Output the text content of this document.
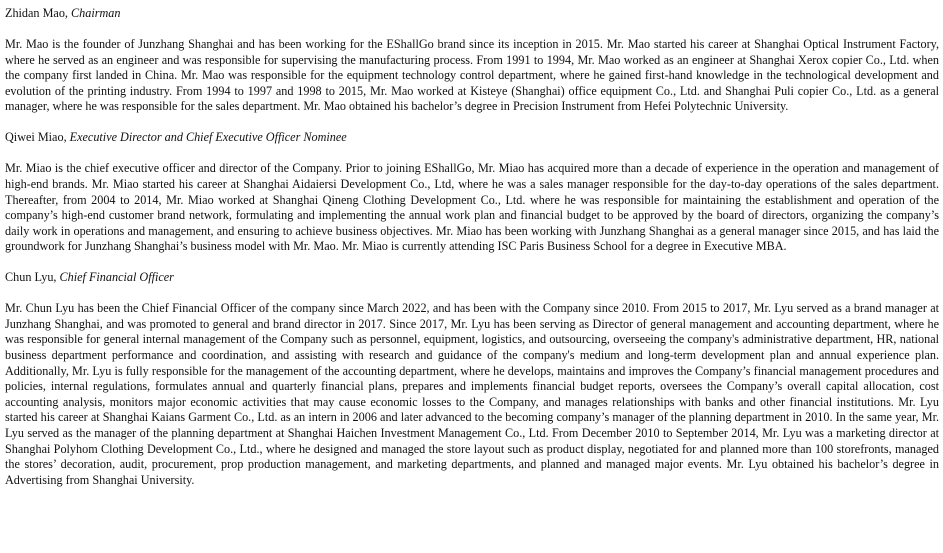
Zhidan Mao, Chairman

Mr. Mao is the founder of Junzhang Shanghai and has been working for the EShallGo brand since its inception in 2015. Mr. Mao started his career at Shanghai Optical Instrument Factory, where he served as an engineer and was responsible for supervising the manufacturing process. From 1991 to 1994, Mr. Mao worked as an engineer at Shanghai Xerox copier Co., Ltd. when the company first landed in China. Mr. Mao was responsible for the equipment technology control department, where he gained first-hand knowledge in the technological development and evolution of the printing industry. From 1994 to 1997 and 1998 to 2015, Mr. Mao worked at Kisteye (Shanghai) office equipment Co., Ltd. and Shanghai Puli copier Co., Ltd. as a general manager, where he was responsible for the sales department. Mr. Mao obtained his bachelor’s degree in Precision Instrument from Hefei Polytechnic University.

Qiwei Miao, Executive Director and Chief Executive Officer Nominee

Mr. Miao is the chief executive officer and director of the Company. Prior to joining EShallGo, Mr. Miao has acquired more than a decade of experience in the operation and management of high-end brands. Mr. Miao started his career at Shanghai Aidaiersi Development Co., Ltd, where he was a sales manager responsible for the day-to-day operations of the sales department. Thereafter, from 2004 to 2014, Mr. Miao worked at Shanghai Qineng Clothing Development Co., Ltd. where he was responsible for maintaining the establishment and operation of the company’s high-end customer brand network, formulating and implementing the annual work plan and financial budget to be approved by the board of directors, organizing the company’s daily work in operations and management, and ensuring to achieve business objectives. Mr. Miao has been working with Junzhang Shanghai as a general manager since 2015, and has laid the groundwork for Junzhang Shanghai’s business model with Mr. Mao. Mr. Miao is currently attending ISC Paris Business School for a degree in Executive MBA.

Chun Lyu, Chief Financial Officer

Mr. Chun Lyu has been the Chief Financial Officer of the company since March 2022, and has been with the Company since 2010. From 2015 to 2017, Mr. Lyu served as a brand manager at Junzhang Shanghai, and was promoted to general and brand director in 2017. Since 2017, Mr. Lyu has been serving as Director of general management and accounting department, where he was responsible for general internal management of the Company such as personnel, equipment, logistics, and outsourcing, overseeing the company's administrative department, HR, national business department performance and coordination, and assisting with research and guidance of the company's medium and long-term development plan and annual experience plan. Additionally, Mr. Lyu is fully responsible for the management of the accounting department, where he develops, maintains and improves the Company’s financial management procedures and policies, internal regulations, formulates annual and quarterly financial plans, prepares and implements financial budget reports, oversees the Company’s overall capital allocation, cost accounting analysis, monitors major economic activities that may cause economic losses to the Company, and manages relationships with banks and other financial institutions. Mr. Lyu started his career at Shanghai Kaians Garment Co., Ltd. as an intern in 2006 and later advanced to the becoming company’s manager of the planning department in 2010. In the same year, Mr. Lyu served as the manager of the planning department at Shanghai Haichen Investment Management Co., Ltd. From December 2010 to September 2014, Mr. Lyu was a marketing director at Shanghai Polyhom Clothing Development Co., Ltd., where he designed and managed the store layout such as product display, negotiated for and planned more than 100 storefronts, managed the stores’ decoration, audit, procurement, prop production management, and marketing departments, and planned and managed major events. Mr. Lyu obtained his bachelor’s degree in Advertising from Shanghai University.
